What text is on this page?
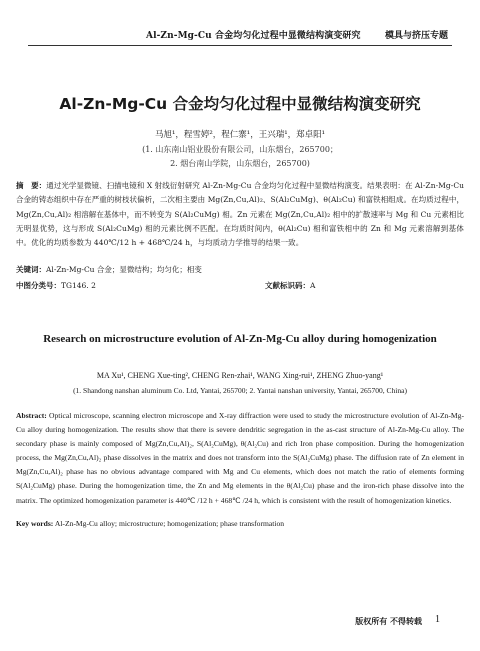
Al-Zn-Mg-Cu 合金均匀化过程中显微结构演变研究	模具与挤压专题
Al-Zn-Mg-Cu 合金均匀化过程中显微结构演变研究
马旭¹，程雪婷²，程仁寨¹，王兴瑞¹，郑卓阳¹
(1. 山东南山铝业股份有限公司，山东烟台，265700；
2. 烟台南山学院，山东烟台，265700)
摘　要：通过光学显微镜、扫描电镜和 X 射线衍射研究 Al-Zn-Mg-Cu 合金均匀化过程中显微结构演变。结果表明：在 Al-Zn-Mg-Cu 合金的铸态组织中存在严重的树枝状偏析，二次相主要由 Mg(Zn,Cu,Al)₂、S(Al₂CuMg)、θ(Al₂Cu) 和富铁相组成。在均质过程中，Mg(Zn,Cu,Al)₂ 相溶解在基体中，而不转变为 S(Al₂CuMg) 相。Zn 元素在 Mg(Zn,Cu,Al)₂ 相中的扩散速率与 Mg 和 Cu 元素相比无明显优势，这与形成 S(Al₂CuMg) 相的元素比例不匹配。在均质时间内，θ(Al₂Cu) 相和富铁相中的 Zn 和 Mg 元素溶解到基体中。优化的均质参数为 440℃/12 h + 468℃/24 h，与均质动力学推导的结果一致。
关键词：Al-Zn-Mg-Cu 合金；显微结构；均匀化；相变
中图分类号：TG146. 2	文献标识码：A
Research on microstructure evolution of Al-Zn-Mg-Cu alloy during homogenization
MA Xu¹, CHENG Xue-ting², CHENG Ren-zhai¹, WANG Xing-rui¹, ZHENG Zhuo-yang¹
(1. Shandong nanshan aluminum Co. Ltd, Yantai, 265700; 2. Yantai nanshan university, Yantai, 265700, China)
Abstract: Optical microscope, scanning electron microscope and X-ray diffraction were used to study the microstructure evolution of Al-Zn-Mg-Cu alloy during homogenization. The results show that there is severe dendritic segregation in the as-cast structure of Al-Zn-Mg-Cu alloy. The secondary phase is mainly composed of Mg(Zn,Cu,Al)₂, S(Al₂CuMg), θ(Al₂Cu) and rich Iron phase composition. During the homogenization process, the Mg(Zn,Cu,Al)₂ phase dissolves in the matrix and does not transform into the S(Al₂CuMg) phase. The diffusion rate of Zn element in Mg(Zn,Cu,Al)₂ phase has no obvious advantage compared with Mg and Cu elements, which does not match the ratio of elements forming S(Al₂CuMg) phase. During the homogenization time, the Zn and Mg elements in the θ(Al₂Cu) phase and the iron-rich phase dissolve into the matrix. The optimized homogenization parameter is 440℃ /12 h + 468℃ /24 h, which is consistent with the result of homogenization kinetics.
Key words: Al-Zn-Mg-Cu alloy; microstructure; homogenization; phase transformation
版权所有 不得转载 1
